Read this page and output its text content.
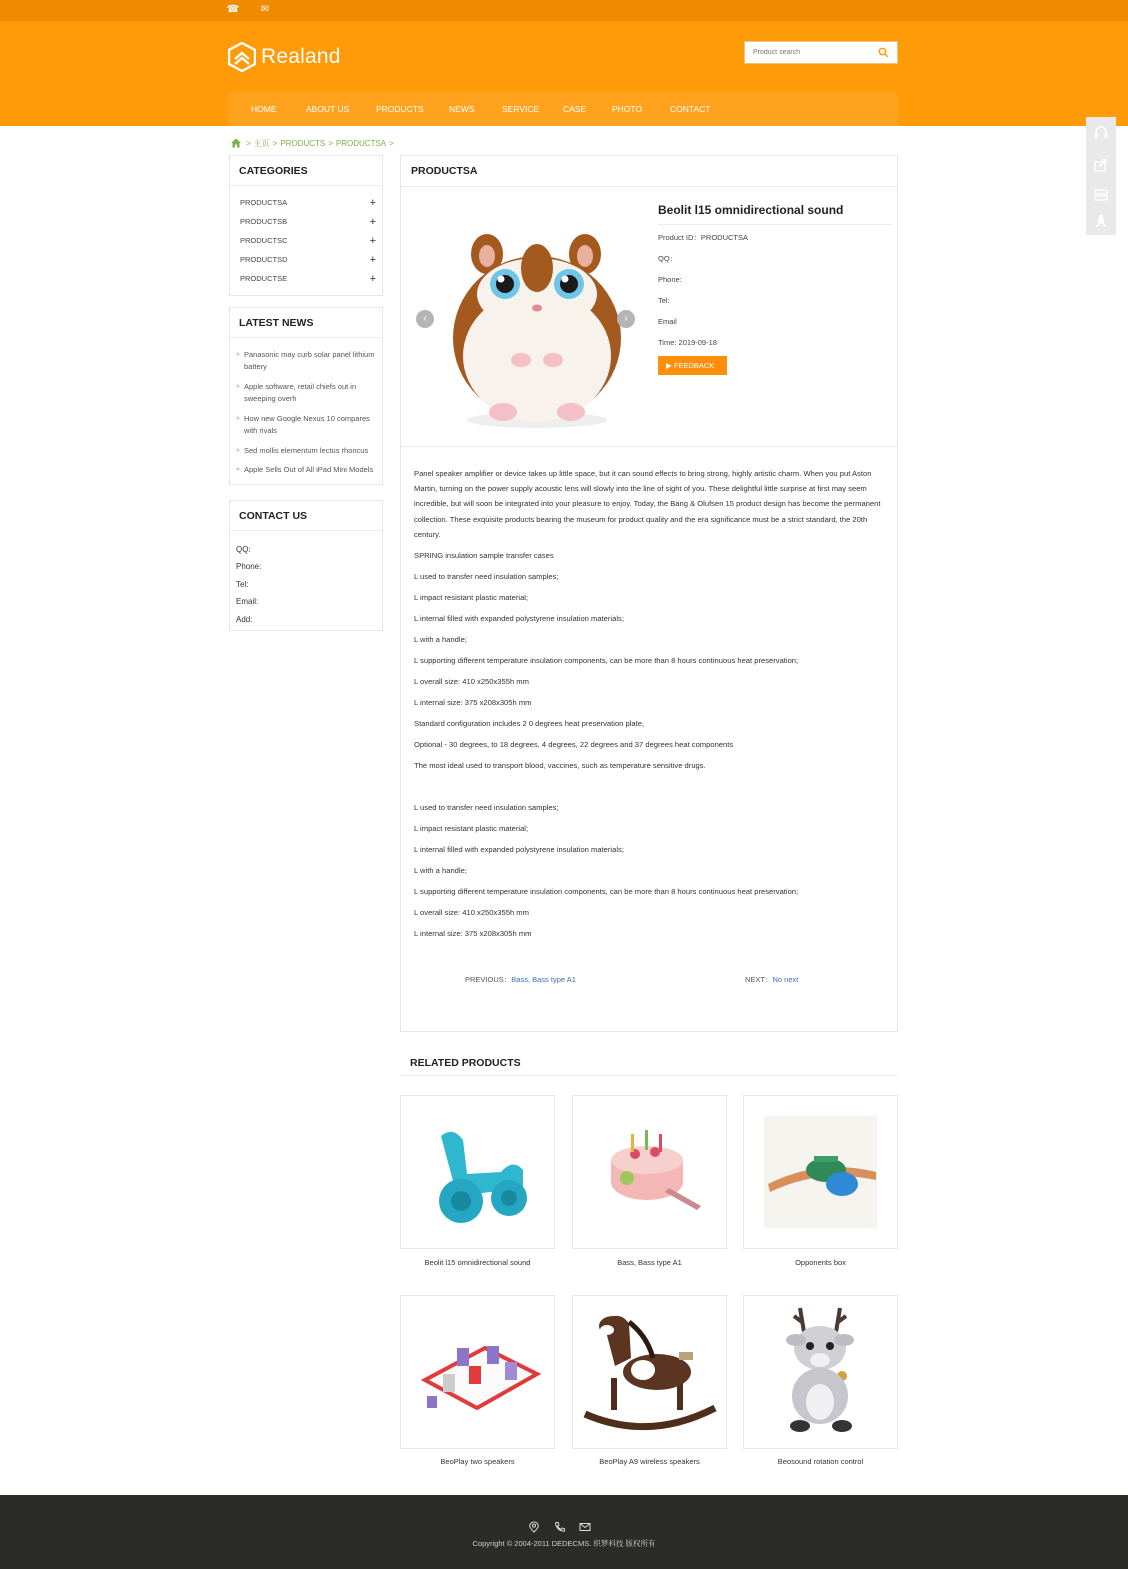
☎ ✉
Realand
Product search
HOME	ABOUT US	PRODUCTS	NEWS	SERVICE	CASE	PHOTO	CONTACT
> 主页 > PRODUCTS > PRODUCTSA >
CATEGORIES
PRODUCTSA	+
PRODUCTSB	+
PRODUCTSC	+
PRODUCTSD	+
PRODUCTSE	+
LATEST NEWS
» Panasonic may curb solar panel lithium battery
» Apple software, retail chiefs out in sweeping overh
» How new Google Nexus 10 compares with rivals
» Sed mollis elementum lectus rhoncus
» Apple Sells Out of All iPad Mini Models
CONTACT US
QQ:
Phone:
Tel:
Email:
Add:
PRODUCTSA
‹	›
Beolit l15 omnidirectional sound
Product ID：PRODUCTSA
QQ：
Phone:
Tel:
Email
Time: 2019-09-18
▶ FEEDBACK
Panel speaker amplifier or device takes up little space, but it can sound effects to bring strong, highly artistic charm. When you put Aston Martin, turning on the power supply acoustic lens will slowly into the line of sight of you. These delightful little surprise at first may seem incredible, but will soon be integrated into your pleasure to enjoy. Today, the Bang & Olufsen 15 product design has become the permanent collection. These exquisite products bearing the museum for product quality and the era significance must be a strict standard, the 20th century.
SPRING insulation sample transfer cases
L used to transfer need insulation samples;
L impact resistant plastic material;
L internal filled with expanded polystyrene insulation materials;
L with a handle;
L supporting different temperature insulation components, can be more than 8 hours continuous heat preservation;
L overall size: 410 x250x355h mm
L internal size: 375 x208x305h mm
Standard configuration includes 2 0 degrees heat preservation plate,
Optional - 30 degrees, to 18 degrees, 4 degrees, 22 degrees and 37 degrees heat components
The most ideal used to transport blood, vaccines, such as temperature sensitive drugs.
L used to transfer need insulation samples;
L impact resistant plastic material;
L internal filled with expanded polystyrene insulation materials;
L with a handle;
L supporting different temperature insulation components, can be more than 8 hours continuous heat preservation;
L overall size: 410 x250x355h mm
L internal size: 375 x208x305h mm
PREVIOUS：Bass, Bass type A1	NEXT：No next
RELATED PRODUCTS
Beolit l15 omnidirectional sound	Bass, Bass type A1	Opponents box
BeoPlay two speakers	BeoPlay A9 wireless speakers	Beosound rotation control
Copyright © 2004-2011 DEDECMS. 织梦科技 版权所有
